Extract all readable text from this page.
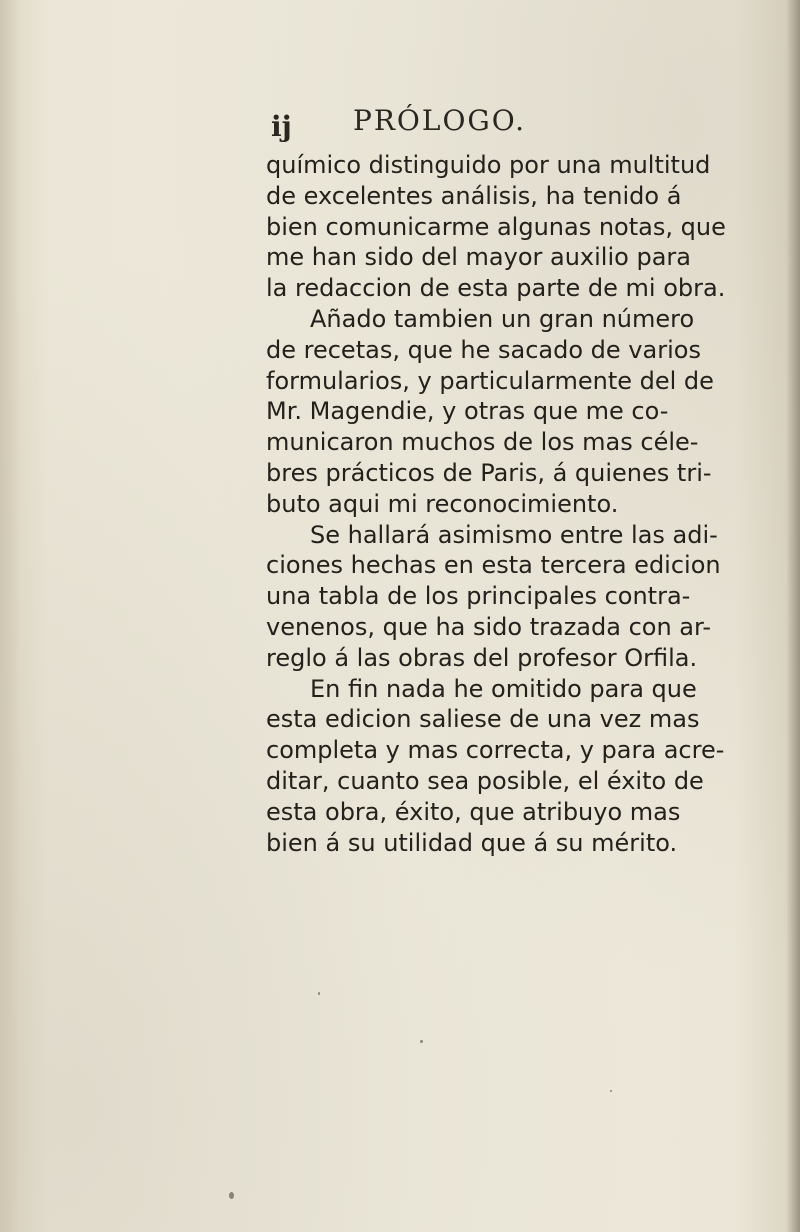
ij PRÓLOGO.
químico distinguido por una multitud
de excelentes análisis, ha tenido á
bien comunicarme algunas notas, que
me han sido del mayor auxilio para
la redaccion de esta parte de mi obra.
Añado tambien un gran número
de recetas, que he sacado de varios
formularios, y particularmente del de
Mr. Magendie, y otras que me co-
municaron muchos de los mas céle-
bres prácticos de Paris, á quienes tri-
buto aqui mi reconocimiento.
Se hallará asimismo entre las adi-
ciones hechas en esta tercera edicion
una tabla de los principales contra-
venenos, que ha sido trazada con ar-
reglo á las obras del profesor Orfila.
En fin nada he omitido para que
esta edicion saliese de una vez mas
completa y mas correcta, y para acre-
ditar, cuanto sea posible, el éxito de
esta obra, éxito, que atribuyo mas
bien á su utilidad que á su mérito.
